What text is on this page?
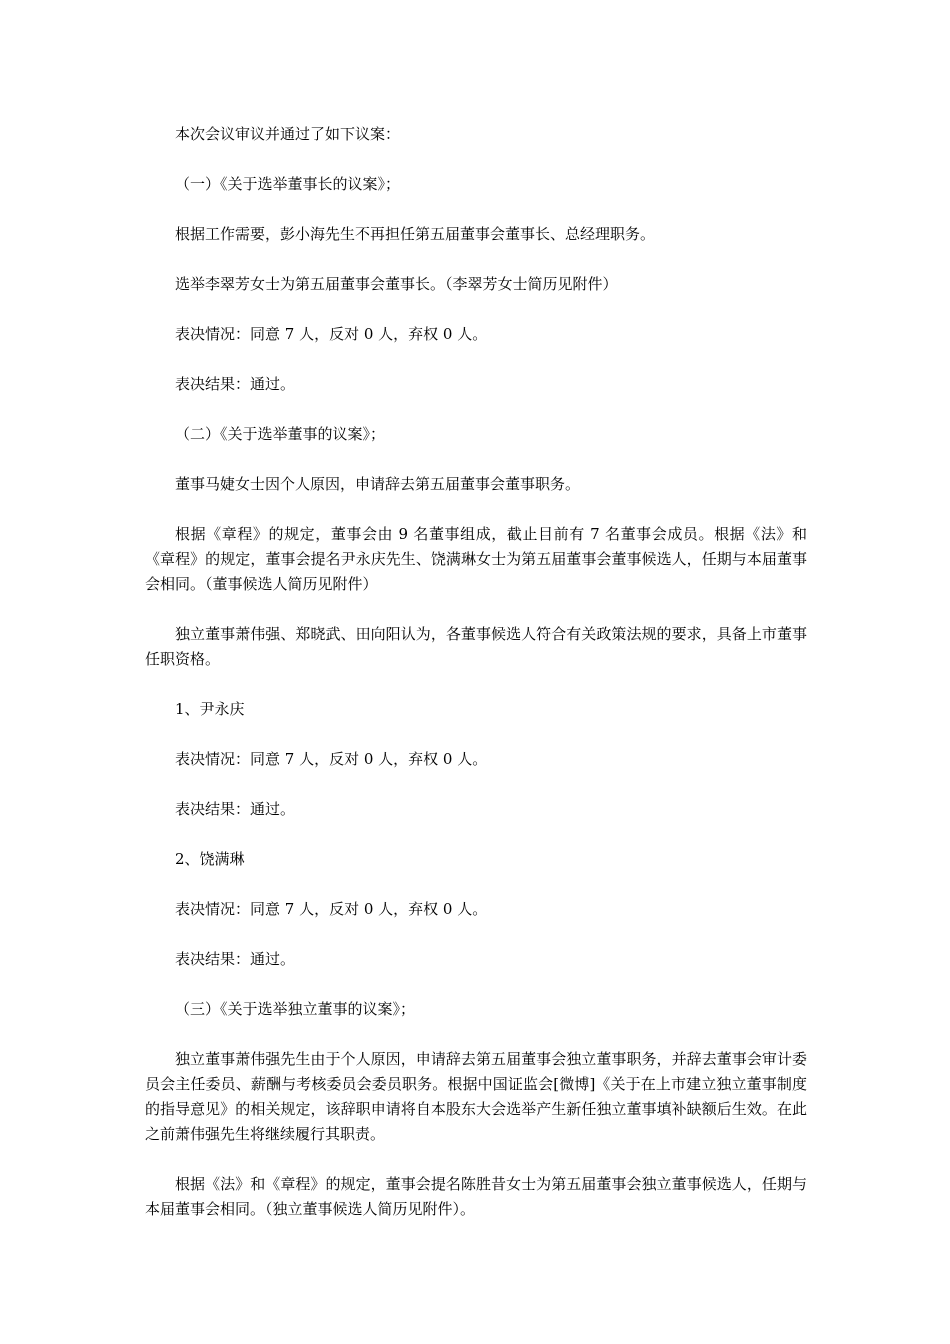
本次会议审议并通过了如下议案：

（一）《关于选举董事长的议案》；

根据工作需要，彭小海先生不再担任第五届董事会董事长、总经理职务。

选举李翠芳女士为第五届董事会董事长。（李翠芳女士简历见附件）

表决情况：同意 7 人，反对 0 人，弃权 0 人。

表决结果：通过。

（二）《关于选举董事的议案》；

董事马婕女士因个人原因，申请辞去第五届董事会董事职务。

根据《章程》的规定，董事会由 9 名董事组成，截止目前有 7 名董事会成员。根据《法》和《章程》的规定，董事会提名尹永庆先生、饶满琳女士为第五届董事会董事候选人，任期与本届董事会相同。（董事候选人简历见附件）

独立董事萧伟强、郑晓武、田向阳认为，各董事候选人符合有关政策法规的要求，具备上市董事任职资格。

1、尹永庆

表决情况：同意 7 人，反对 0 人，弃权 0 人。

表决结果：通过。

2、饶满琳

表决情况：同意 7 人，反对 0 人，弃权 0 人。

表决结果：通过。

（三）《关于选举独立董事的议案》；

独立董事萧伟强先生由于个人原因，申请辞去第五届董事会独立董事职务，并辞去董事会审计委员会主任委员、薪酬与考核委员会委员职务。根据中国证监会[微博]《关于在上市建立独立董事制度的指导意见》的相关规定，该辞职申请将自本股东大会选举产生新任独立董事填补缺额后生效。在此之前萧伟强先生将继续履行其职责。

根据《法》和《章程》的规定，董事会提名陈胜昔女士为第五届董事会独立董事候选人，任期与本届董事会相同。（独立董事候选人简历见附件）。
